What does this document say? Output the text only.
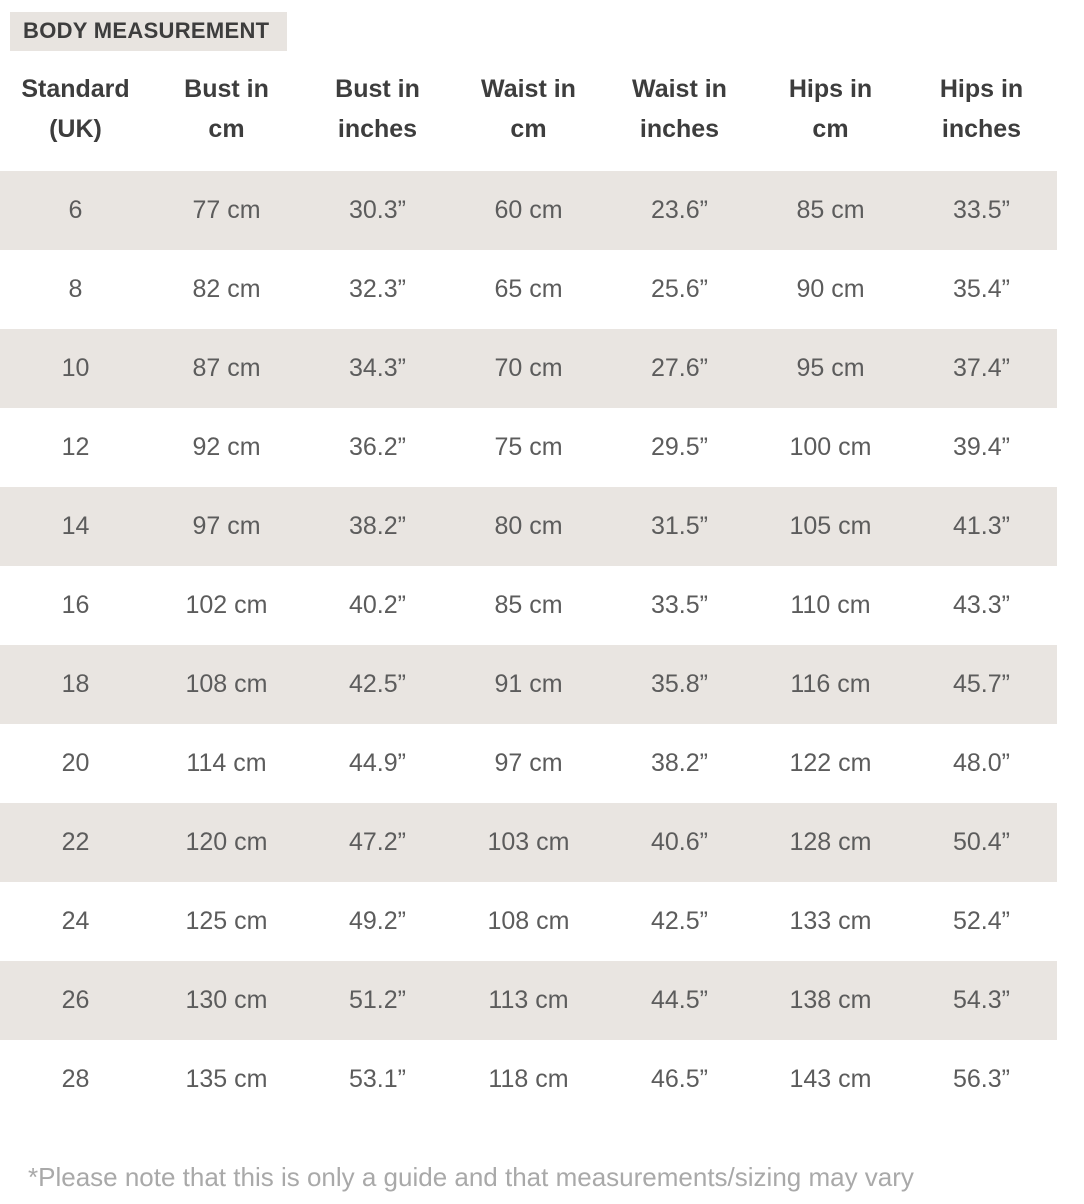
BODY MEASUREMENT
Standard
(UK)

Bust in
cm

Bust in
inches

Waist in
cm

Waist in
inches

Hips in
cm

Hips in
inches

6	77 cm	30.3”	60 cm	23.6”	85 cm	33.5”
8	82 cm	32.3”	65 cm	25.6”	90 cm	35.4”
10	87 cm	34.3”	70 cm	27.6”	95 cm	37.4”
12	92 cm	36.2”	75 cm	29.5”	100 cm	39.4”
14	97 cm	38.2”	80 cm	31.5”	105 cm	41.3”
16	102 cm	40.2”	85 cm	33.5”	110 cm	43.3”
18	108 cm	42.5”	91 cm	35.8”	116 cm	45.7”
20	114 cm	44.9”	97 cm	38.2”	122 cm	48.0”
22	120 cm	47.2”	103 cm	40.6”	128 cm	50.4”
24	125 cm	49.2”	108 cm	42.5”	133 cm	52.4”
26	130 cm	51.2”	113 cm	44.5”	138 cm	54.3”
28	135 cm	53.1”	118 cm	46.5”	143 cm	56.3”
*Please note that this is only a guide and that measurements/sizing may vary
